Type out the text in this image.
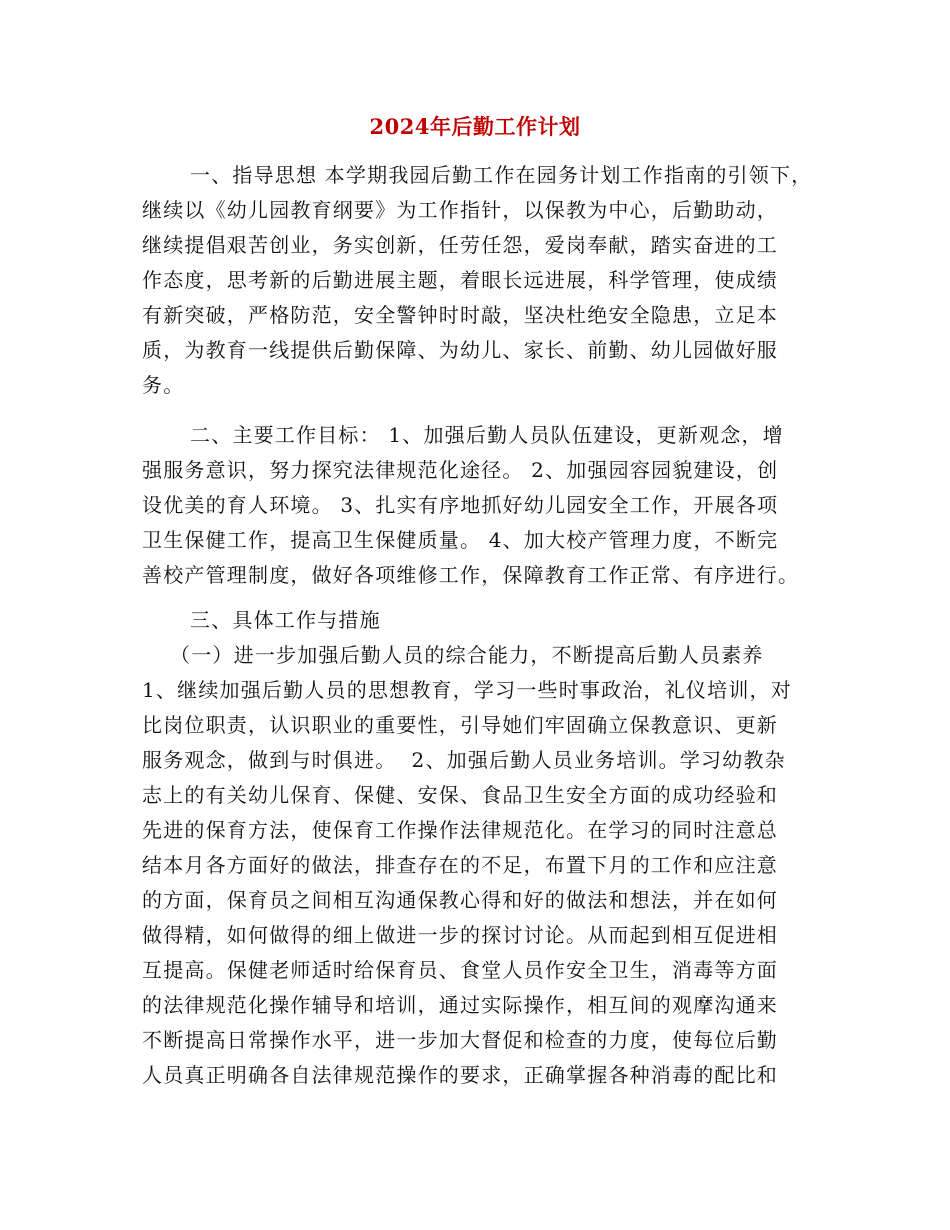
2024年后勤工作计划
一、指导思想 本学期我园后勤工作在园务计划工作指南的引领下，
继续以《幼儿园教育纲要》为工作指针，以保教为中心，后勤助动，
继续提倡艰苦创业，务实创新，任劳任怨，爱岗奉献，踏实奋进的工
作态度，思考新的后勤进展主题，着眼长远进展，科学管理，使成绩
有新突破，严格防范，安全警钟时时敲，坚决杜绝安全隐患，立足本
质，为教育一线提供后勤保障、为幼儿、家长、前勤、幼儿园做好服
务。
二、主要工作目标： 1、加强后勤人员队伍建设，更新观念，增
强服务意识，努力探究法律规范化途径。 2、加强园容园貌建设，创
设优美的育人环境。 3、扎实有序地抓好幼儿园安全工作，开展各项
卫生保健工作，提高卫生保健质量。 4、加大校产管理力度，不断完
善校产管理制度，做好各项维修工作，保障教育工作正常、有序进行。
三、具体工作与措施
（一）进一步加强后勤人员的综合能力，不断提高后勤人员素养
1、继续加强后勤人员的思想教育，学习一些时事政治，礼仪培训，对
比岗位职责，认识职业的重要性，引导她们牢固确立保教意识、更新
服务观念，做到与时俱进。  2、加强后勤人员业务培训。学习幼教杂
志上的有关幼儿保育、保健、安保、食品卫生安全方面的成功经验和
先进的保育方法，使保育工作操作法律规范化。在学习的同时注意总
结本月各方面好的做法，排查存在的不足，布置下月的工作和应注意
的方面，保育员之间相互沟通保教心得和好的做法和想法，并在如何
做得精，如何做得的细上做进一步的探讨讨论。从而起到相互促进相
互提高。保健老师适时给保育员、食堂人员作安全卫生，消毒等方面
的法律规范化操作辅导和培训，通过实际操作，相互间的观摩沟通来
不断提高日常操作水平，进一步加大督促和检查的力度，使每位后勤
人员真正明确各自法律规范操作的要求，正确掌握各种消毒的配比和
